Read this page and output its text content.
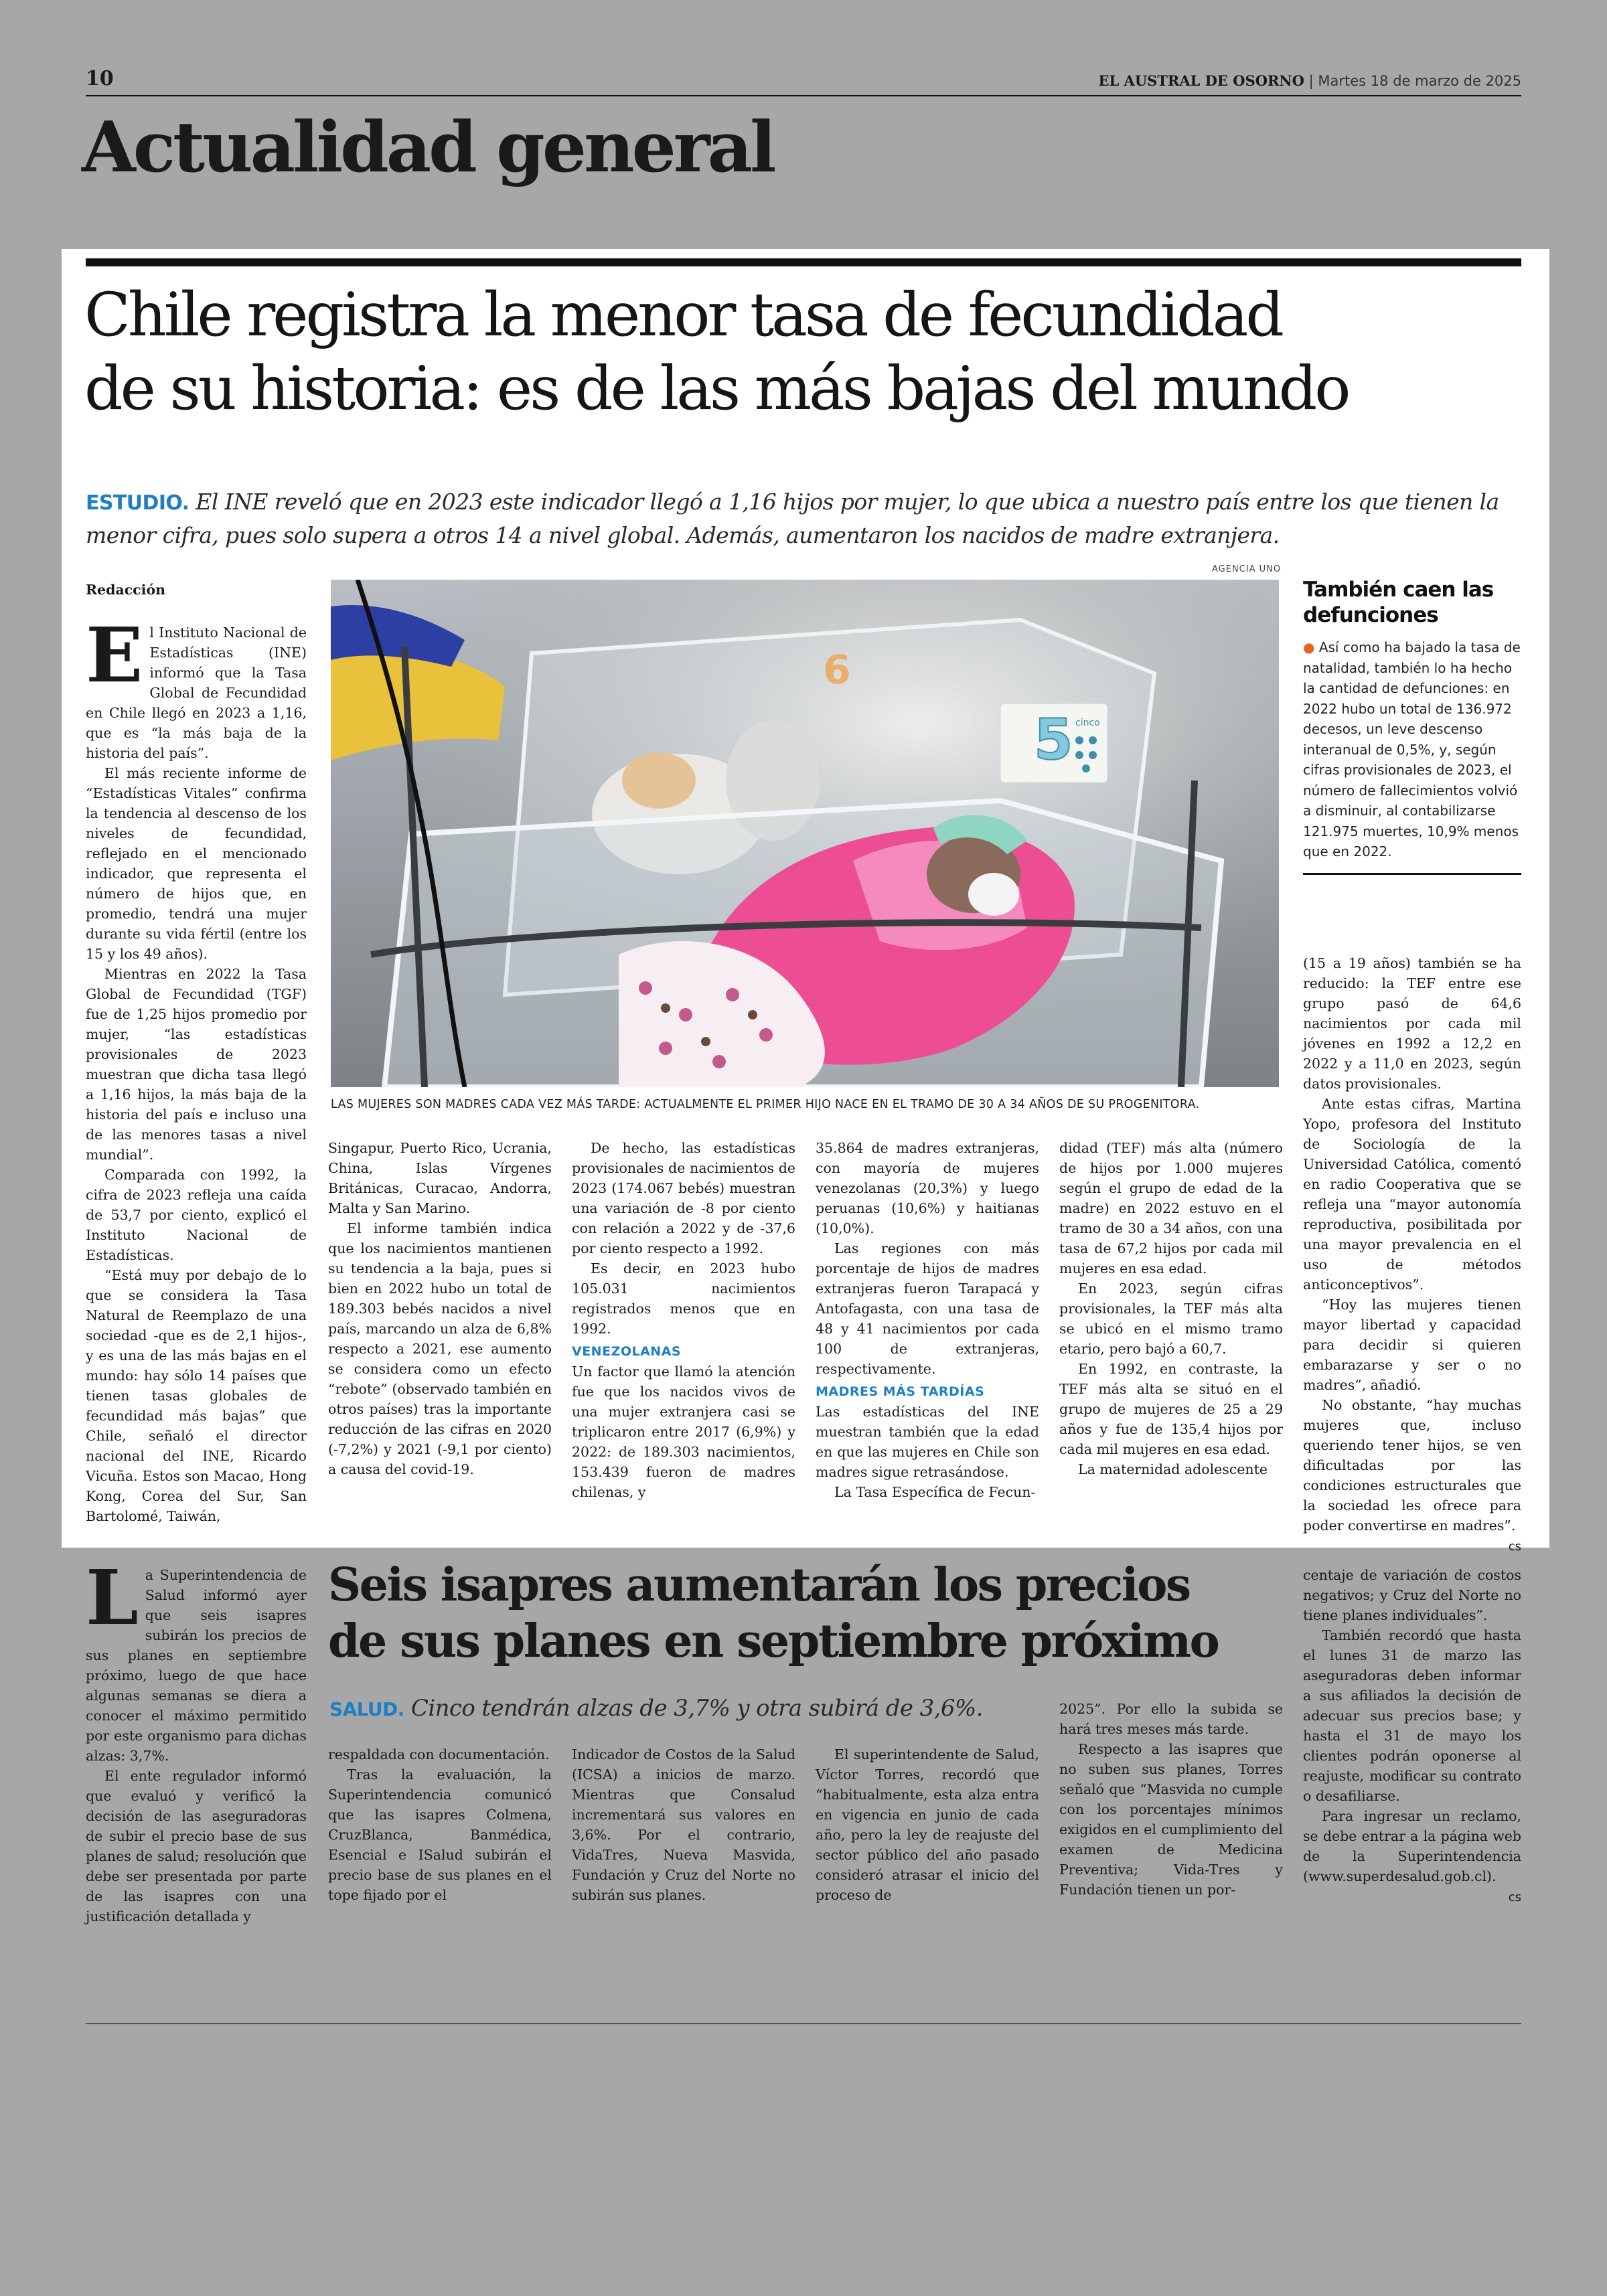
10	EL AUSTRAL DE OSORNO | Martes 18 de marzo de 2025
Actualidad general
Chile registra la menor tasa de fecundidad
de su historia: es de las más bajas del mundo
ESTUDIO. El INE reveló que en 2023 este indicador llegó a 1,16 hijos por mujer, lo que ubica a nuestro país entre los que tienen la menor cifra, pues solo supera a otros 14 a nivel global. Además, aumentaron los nacidos de madre extranjera.
AGENCIA UNO
5 cinco
6
LAS MUJERES SON MADRES CADA VEZ MÁS TARDE: ACTUALMENTE EL PRIMER HIJO NACE EN EL TRAMO DE 30 A 34 AÑOS DE SU PROGENITORA.

Redacción

El Instituto Nacional de Estadísticas (INE) informó que la Tasa Global de Fecundidad en Chile llegó en 2023 a 1,16, que es “la más baja de la historia del país”.

El más reciente informe de “Estadísticas Vitales” confirma la tendencia al descenso de los niveles de fecundidad, reflejado en el mencionado indicador, que representa el número de hijos que, en promedio, tendrá una mujer durante su vida fértil (entre los 15 y los 49 años).

Mientras en 2022 la Tasa Global de Fecundidad (TGF) fue de 1,25 hijos promedio por mujer, “las estadísticas provisionales de 2023 muestran que dicha tasa llegó a 1,16 hijos, la más baja de la historia del país e incluso una de las menores tasas a nivel mundial”.

Comparada con 1992, la cifra de 2023 refleja una caída de 53,7 por ciento, explicó el Instituto Nacional de Estadísticas.

“Está muy por debajo de lo que se considera la Tasa Natural de Reemplazo de una sociedad -que es de 2,1 hijos-, y es una de las más bajas en el mundo: hay sólo 14 países que tienen tasas globales de fecundidad más bajas” que Chile, señaló el director nacional del INE, Ricardo Vicuña. Estos son Macao, Hong Kong, Corea del Sur, San Bartolomé, Taiwán,

Singapur, Puerto Rico, Ucrania, China, Islas Vírgenes Británicas, Curacao, Andorra, Malta y San Marino.

El informe también indica que los nacimientos mantienen su tendencia a la baja, pues si bien en 2022 hubo un total de 189.303 bebés nacidos a nivel país, marcando un alza de 6,8% respecto a 2021, ese aumento se considera como un efecto “rebote” (observado también en otros países) tras la importante reducción de las cifras en 2020 (-7,2%) y 2021 (-9,1 por ciento) a causa del covid-19.

De hecho, las estadísticas provisionales de nacimientos de 2023 (174.067 bebés) muestran una variación de -8 por ciento con relación a 2022 y de -37,6 por ciento respecto a 1992.

Es decir, en 2023 hubo 105.031 nacimientos registrados menos que en 1992.

VENEZOLANAS

Un factor que llamó la atención fue que los nacidos vivos de una mujer extranjera casi se triplicaron entre 2017 (6,9%) y 2022: de 189.303 nacimientos, 153.439 fueron de madres chilenas, y

35.864 de madres extranjeras, con mayoría de mujeres venezolanas (20,3%) y luego peruanas (10,6%) y haitianas (10,0%).

Las regiones con más porcentaje de hijos de madres extranjeras fueron Tarapacá y Antofagasta, con una tasa de 48 y 41 nacimientos por cada 100 de extranjeras, respectivamente.

MADRES MÁS TARDÍAS

Las estadísticas del INE muestran también que la edad en que las mujeres en Chile son madres sigue retrasándose.

La Tasa Específica de Fecun-

didad (TEF) más alta (número de hijos por 1.000 mujeres según el grupo de edad de la madre) en 2022 estuvo en el tramo de 30 a 34 años, con una tasa de 67,2 hijos por cada mil mujeres en esa edad.

En 2023, según cifras provisionales, la TEF más alta se ubicó en el mismo tramo etario, pero bajó a 60,7.

En 1992, en contraste, la TEF más alta se situó en el grupo de mujeres de 25 a 29 años y fue de 135,4 hijos por cada mil mujeres en esa edad.

La maternidad adolescente

(15 a 19 años) también se ha reducido: la TEF entre ese grupo pasó de 64,6 nacimientos por cada mil jóvenes en 1992 a 12,2 en 2022 y a 11,0 en 2023, según datos provisionales.

Ante estas cifras, Martina Yopo, profesora del Instituto de Sociología de la Universidad Católica, comentó en radio Cooperativa que se refleja una “mayor autonomía reproductiva, posibilitada por una mayor prevalencia en el uso de métodos anticonceptivos”.

“Hoy las mujeres tienen mayor libertad y capacidad para decidir si quieren embarazarse y ser o no madres”, añadió.

No obstante, “hay muchas mujeres que, incluso queriendo tener hijos, se ven dificultadas por las condiciones estructurales que la sociedad les ofrece para poder convertirse en madres”.

cs
También caen las defunciones
● Así como ha bajado la tasa de natalidad, también lo ha hecho la cantidad de defunciones: en 2022 hubo un total de 136.972 decesos, un leve descenso interanual de 0,5%, y, según cifras provisionales de 2023, el número de fallecimientos volvió a disminuir, al contabilizarse 121.975 muertes, 10,9% menos que en 2022.
Seis isapres aumentarán los precios
de sus planes en septiembre próximo
SALUD. Cinco tendrán alzas de 3,7% y otra subirá de 3,6%.

La Superintendencia de Salud informó ayer que seis isapres subirán los precios de sus planes en septiembre próximo, luego de que hace algunas semanas se diera a conocer el máximo permitido por este organismo para dichas alzas: 3,7%.

El ente regulador informó que evaluó y verificó la decisión de las aseguradoras de subir el precio base de sus planes de salud; resolución que debe ser presentada por parte de las isapres con una justificación detallada y

respaldada con documentación.

Tras la evaluación, la Superintendencia comunicó que las isapres Colmena, CruzBlanca, Banmédica, Esencial e ISalud subirán el precio base de sus planes en el tope fijado por el

Indicador de Costos de la Salud (ICSA) a inicios de marzo. Mientras que Consalud incrementará sus valores en 3,6%. Por el contrario, VidaTres, Nueva Masvida, Fundación y Cruz del Norte no subirán sus planes.

El superintendente de Salud, Víctor Torres, recordó que “habitualmente, esta alza entra en vigencia en junio de cada año, pero la ley de reajuste del sector público del año pasado consideró atrasar el inicio del proceso de

2025”. Por ello la subida se hará tres meses más tarde.

Respecto a las isapres que no suben sus planes, Torres señaló que “Masvida no cumple con los porcentajes mínimos exigidos en el cumplimiento del examen de Medicina Preventiva; Vida-Tres y Fundación tienen un por-

centaje de variación de costos negativos; y Cruz del Norte no tiene planes individuales”.

También recordó que hasta el lunes 31 de marzo las aseguradoras deben informar a sus afiliados la decisión de adecuar sus precios base; y hasta el 31 de mayo los clientes podrán oponerse al reajuste, modificar su contrato o desafiliarse.

Para ingresar un reclamo, se debe entrar a la página web de la Superintendencia (www.superdesalud.gob.cl).

cs
